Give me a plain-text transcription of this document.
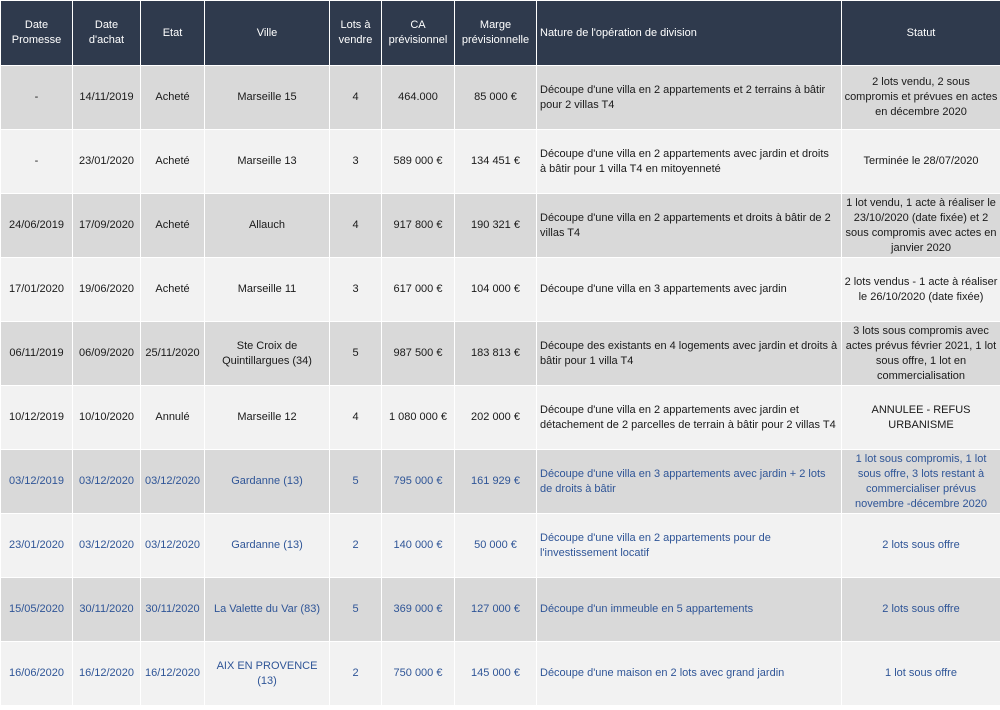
Date Promesse	Date d'achat	Etat	Ville	Lots à vendre	CA prévisionnel	Marge prévisionnelle	Nature de l'opération de division	Statut
-	14/11/2019	Acheté	Marseille 15	4	464.000	85 000 €	Découpe d'une villa en 2 appartements et 2 terrains à bâtir pour 2 villas T4	2 lots vendu, 2 sous compromis et prévues en actes en décembre 2020
-	23/01/2020	Acheté	Marseille 13	3	589 000 €	134 451 €	Découpe d'une villa en 2 appartements avec jardin et droits à bâtir pour 1 villa T4 en mitoyenneté	Terminée le 28/07/2020
24/06/2019	17/09/2020	Acheté	Allauch	4	917 800 €	190 321 €	Découpe d'une villa en 2 appartements et droits à bâtir de 2 villas T4	1 lot vendu, 1 acte à réaliser le 23/10/2020 (date fixée) et 2 sous compromis avec actes en janvier 2020
17/01/2020	19/06/2020	Acheté	Marseille 11	3	617 000 €	104 000 €	Découpe d'une villa en 3 appartements avec jardin	2 lots vendus - 1 acte à réaliser le 26/10/2020 (date fixée)
06/11/2019	06/09/2020	25/11/2020	Ste Croix de Quintillargues (34)	5	987 500 €	183 813 €	Découpe des existants en 4 logements avec jardin et droits à bâtir pour 1 villa T4	3 lots sous compromis avec actes prévus février 2021, 1 lot sous offre, 1 lot en commercialisation
10/12/2019	10/10/2020	Annulé	Marseille 12	4	1 080 000 €	202 000 €	Découpe d'une villa en 2 appartements avec jardin et détachement de 2 parcelles de terrain à bâtir pour 2 villas T4	ANNULEE - REFUS URBANISME
03/12/2019	03/12/2020	03/12/2020	Gardanne (13)	5	795 000 €	161 929 €	Découpe d'une villa en 3 appartements avec jardin + 2 lots de droits à bâtir	1 lot sous compromis, 1 lot sous offre, 3 lots restant à commercialiser prévus novembre -décembre 2020
23/01/2020	03/12/2020	03/12/2020	Gardanne (13)	2	140 000 €	50 000 €	Découpe d'une villa en 2 appartements pour de l'investissement locatif	2 lots sous offre
15/05/2020	30/11/2020	30/11/2020	La Valette du Var (83)	5	369 000 €	127 000 €	Découpe d'un immeuble en 5 appartements	2 lots sous offre
16/06/2020	16/12/2020	16/12/2020	AIX EN PROVENCE (13)	2	750 000 €	145 000 €	Découpe d'une maison en 2 lots avec grand jardin	1 lot sous offre
